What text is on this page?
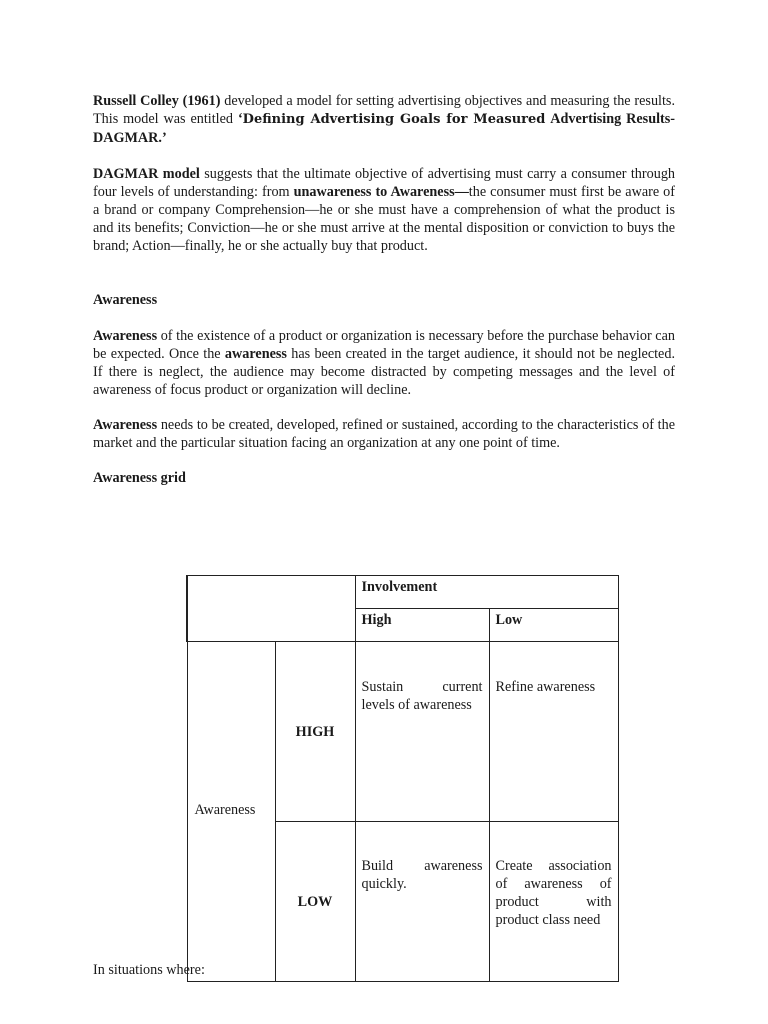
Russell Colley (1961) developed a model for setting advertising objectives and measuring the results. This model was entitled ‘Defining Advertising Goals for Measured Advertising Results- DAGMAR.’

DAGMAR model suggests that the ultimate objective of advertising must carry a consumer through four levels of understanding: from unawareness to Awareness—the consumer must first be aware of a brand or company Comprehension—he or she must have a comprehension of what the product is and its benefits; Conviction—he or she must arrive at the mental disposition or conviction to buys the brand; Action—finally, he or she actually buy that product.

Awareness

Awareness of the existence of a product or organization is necessary before the purchase behavior can be expected. Once the awareness has been created in the target audience, it should not be neglected. If there is neglect, the audience may become distracted by competing messages and the level of awareness of focus product or organization will decline.

Awareness needs to be created, developed, refined or sustained, according to the characteristics of the market and the particular situation facing an organization at any one point of time.

Awareness grid

		Involvement	
		High	Low
Awareness	HIGH	Sustain current levels of awareness	Refine awareness

	LOW	Build awareness quickly.	Create association of awareness of product with product class need

In situations where:
